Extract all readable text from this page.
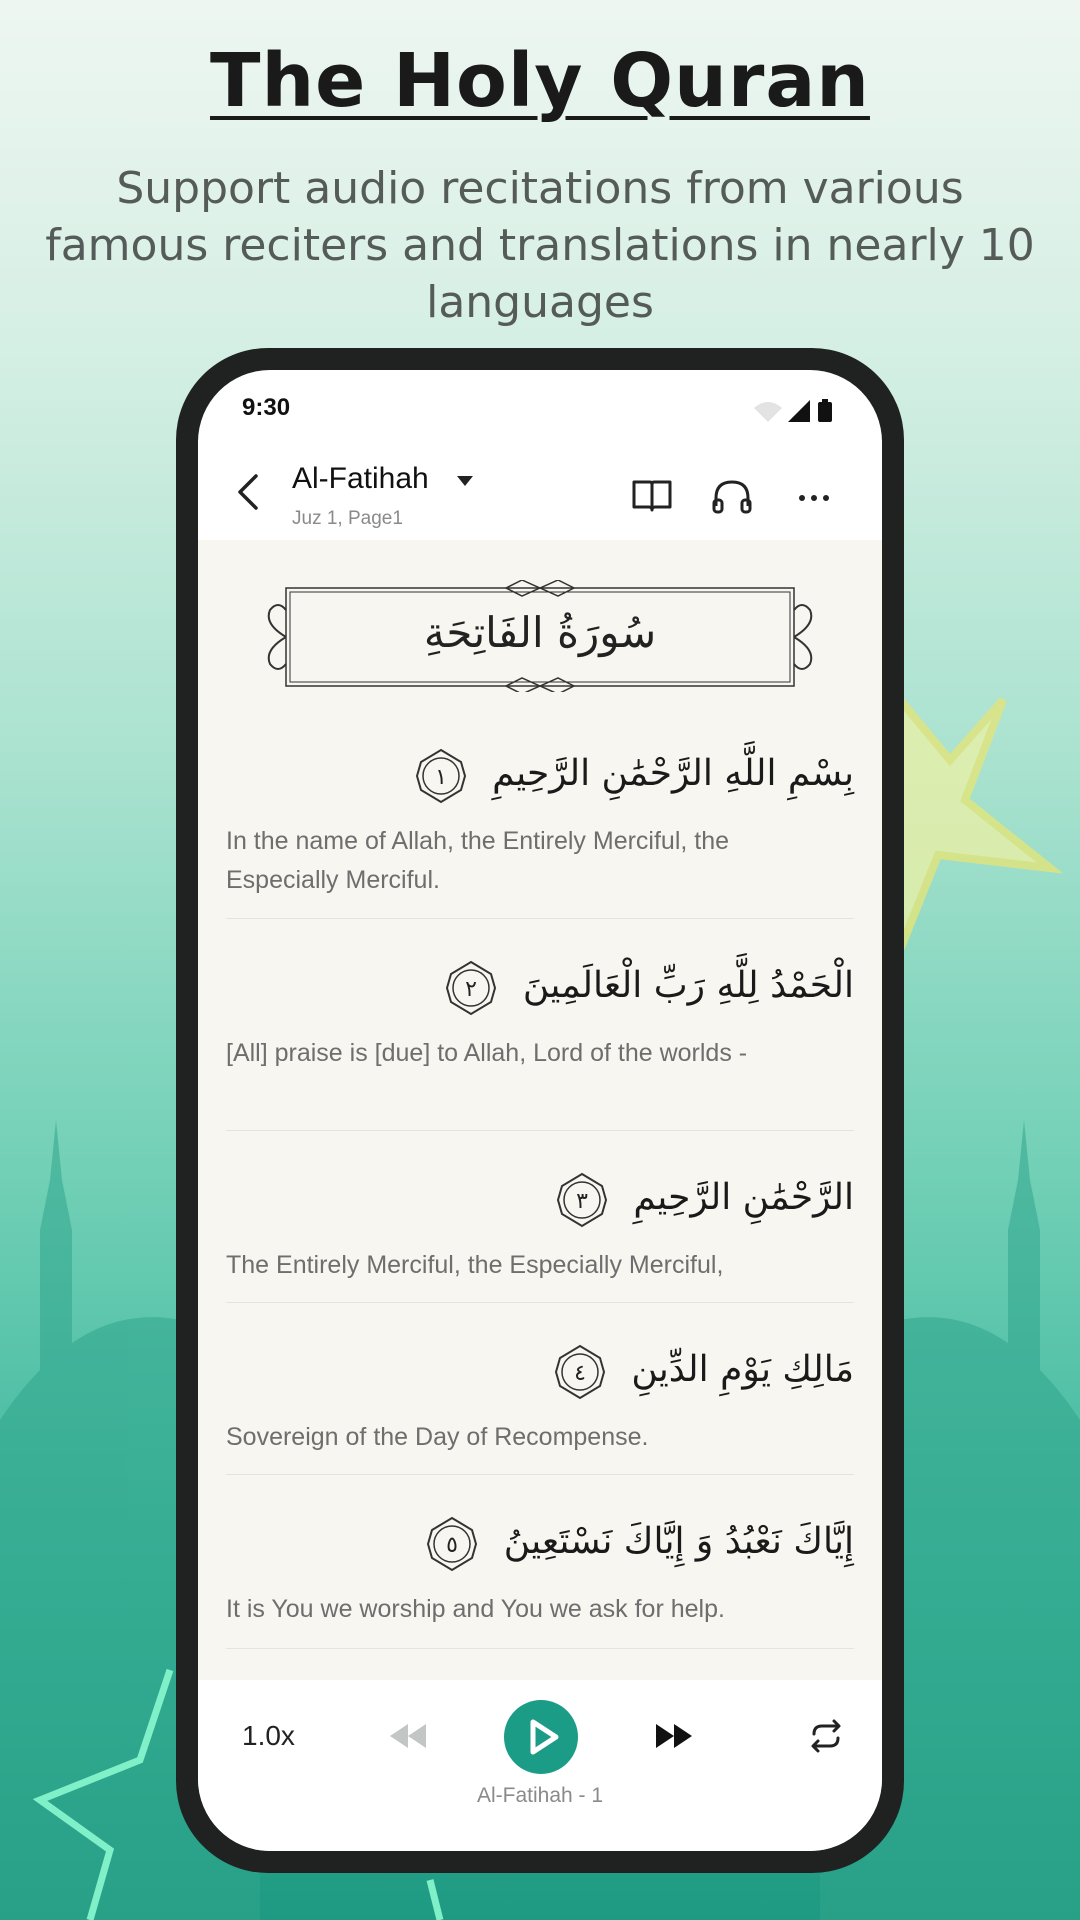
The Holy Quran
Support audio recitations from various famous reciters and translations in nearly 10 languages
9:30
Al-Fatihah
Juz 1, Page1
سُورَةُ الفَاتِحَةِ
بِسْمِ اللَّهِ الرَّحْمَٰنِ الرَّحِيمِ
١
In the name of Allah, the Entirely Merciful, the Especially Merciful.
الْحَمْدُ لِلَّهِ رَبِّ الْعَالَمِينَ
٢
[All] praise is [due] to Allah, Lord of the worlds -
الرَّحْمَٰنِ الرَّحِيمِ
٣
The Entirely Merciful, the Especially Merciful,
مَالِكِ يَوْمِ الدِّينِ
٤
Sovereign of the Day of Recompense.
إِيَّاكَ نَعْبُدُ وَ إِيَّاكَ نَسْتَعِينُ
٥
It is You we worship and You we ask for help.
1.0x
Al-Fatihah - 1
